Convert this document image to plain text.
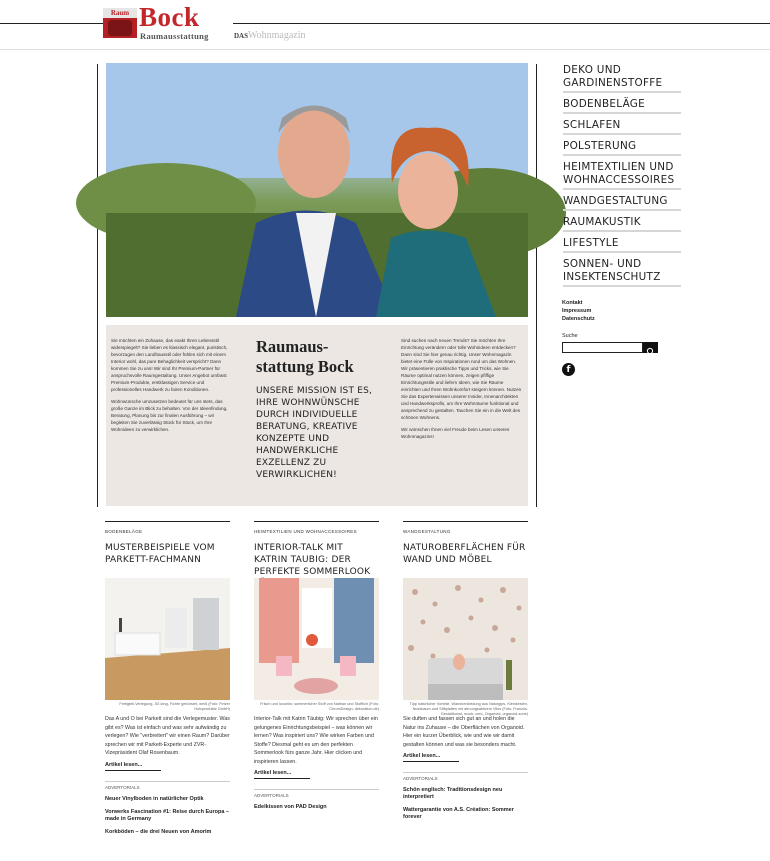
Raum Bock
Raumausstattung	DASWohnmagazin

Sie möchten ein Zuhause, das exakt Ihren Lebensstil widerspiegelt? Sie lieben es klassisch elegant, puristisch, bevorzugen den Landhausstil oder fühlen sich mit einem Interior wohl, das pure Behaglichkeit verspricht? Dann kommen Sie zu uns! Wir sind Ihr Premium-Partner für anspruchsvolle Raumgestaltung. Unser Angebot umfasst Premium-Produkte, erstklassigen Service und professionelles Handwerk zu fairen Konditionen.

Wohnwünsche umzusetzen bedeutet für uns stets, das große Ganze im Blick zu behalten. Von der Ideenfindung, Beratung, Planung bis zur finalen Ausführung – wir begleiten Sie zuverlässig Stück für Stück, um Ihre Wohnideen zu verwirklichen.

Raumaus-stattung Bock
UNSERE MISSION IST ES, IHRE WOHNWÜNSCHE DURCH INDIVIDUELLE BERATUNG, KREATIVE KONZEPTE UND HANDWERKLICHE EXZELLENZ ZU VERWIRKLICHEN!

Sind suchen nach neuen Trends? Sie möchten Ihre Einrichtung verändern oder tolle Wohnideen entdecken? Dann sind Sie hier genau richtig. Unser Wohnmagazin bietet eine Fülle von Inspirationen rund um das Wohnen. Wir präsentieren praktische Tipps und Tricks, wie Sie Räume optimal nutzen können, zeigen pfiffige Einrichtungsstile und liefern Ideen, wie Sie Räume einrichten und Ihren Wohnkomfort steigern können. Nutzen Sie das Expertenwissen unserer Insider, Innenarchitekten und Handwerksprofis, um Ihre Wohnräume funktional und ansprechend zu gestalten. Tauchen Sie ein in die Welt des schönen Wohnens.

Wir wünschen Ihnen viel Freude beim Lesen unseres Wohnmagazins!

DEKO UND GARDINENSTOFFE
BODENBELÄGE
SCHLAFEN
POLSTERUNG
HEIMTEXTILIEN UND WOHNACCESSOIRES
WANDGESTALTUNG
RAUMAKUSTIK
LIFESTYLE
SONNEN- UND INSEKTENSCHUTZ
Kontakt
Impressum
Datenschutz
Suche
f
BODENBELÄGE
MUSTERBEISPIELE VOM PARKETT-FACHMANN
Fertigteil-Verlegung, 3G lang, Fichte gebürstet, weiß (Foto: Fetzer Holzprodukte GmbH)
Das A und O bei Parkett sind die Verlegemuster. Was gibt es? Was ist einfach und was sehr aufwändig zu verlegen? Wie "verbreitert" wir einen Raum? Darüber sprechen wir mit Parkett-Experte und ZVR-Vizepräsident Olaf Rosenbaum.
Artikel lesen...
ADVERTORIALS
Neuer Vinylboden in natürlicher Optik
Vorwerks Fascination #1: Reise durch Europa – made in Germany
Korkböden – die drei Neuen von Amorim
HEIMTEXTILIEN UND WOHNACCESSOIRES
INTERIOR-TALK MIT KATRIN TAUBIG: DER PERFEKTE SOMMERLOOK
Frisch und luxuriös: sommerlicher Stoff von Nathan und Stofflich (Foto: ChromDesign, dekoration.de)
Interior-Talk mit Katrin Täubig: Wir sprechen über ein gelungenes Einrichtungsbeispiel – was können wir lernen? Was inspiriert uns? Wie wirken Farben und Stoffe? Diesmal geht es um den perfekten Sommerlook fürs ganze Jahr. Hier clicken und inspirieren lassen.
Artikel lesen...
ADVERTORIALS
Edelkissen von PAD Design
WANDGESTALTUNG
NATUROBERFLÄCHEN FÜR WAND UND MÖBEL
Tipp natürlicher Vorteile, Wandverkleidung aus Naturgips, Kleinkesten, Nussbaum und Stiftplatten mit atmungsaktivem Vlies (Foto: Französ. Gestaltkunst, mock: creo, Organoid, organoid-zone)
Sie duften und fassen sich gut an und holen die Natur ins Zuhause – die Oberflächen von Organoid. Hier ein kurzer Überblick, wie und wie wir damit gestalten können und was sie besonders macht.
Artikel lesen...
ADVERTORIALS
Schön englisch: Traditionsdesign neu interpretiert
Wattergarantie von A.S. Création: Sommer forever
